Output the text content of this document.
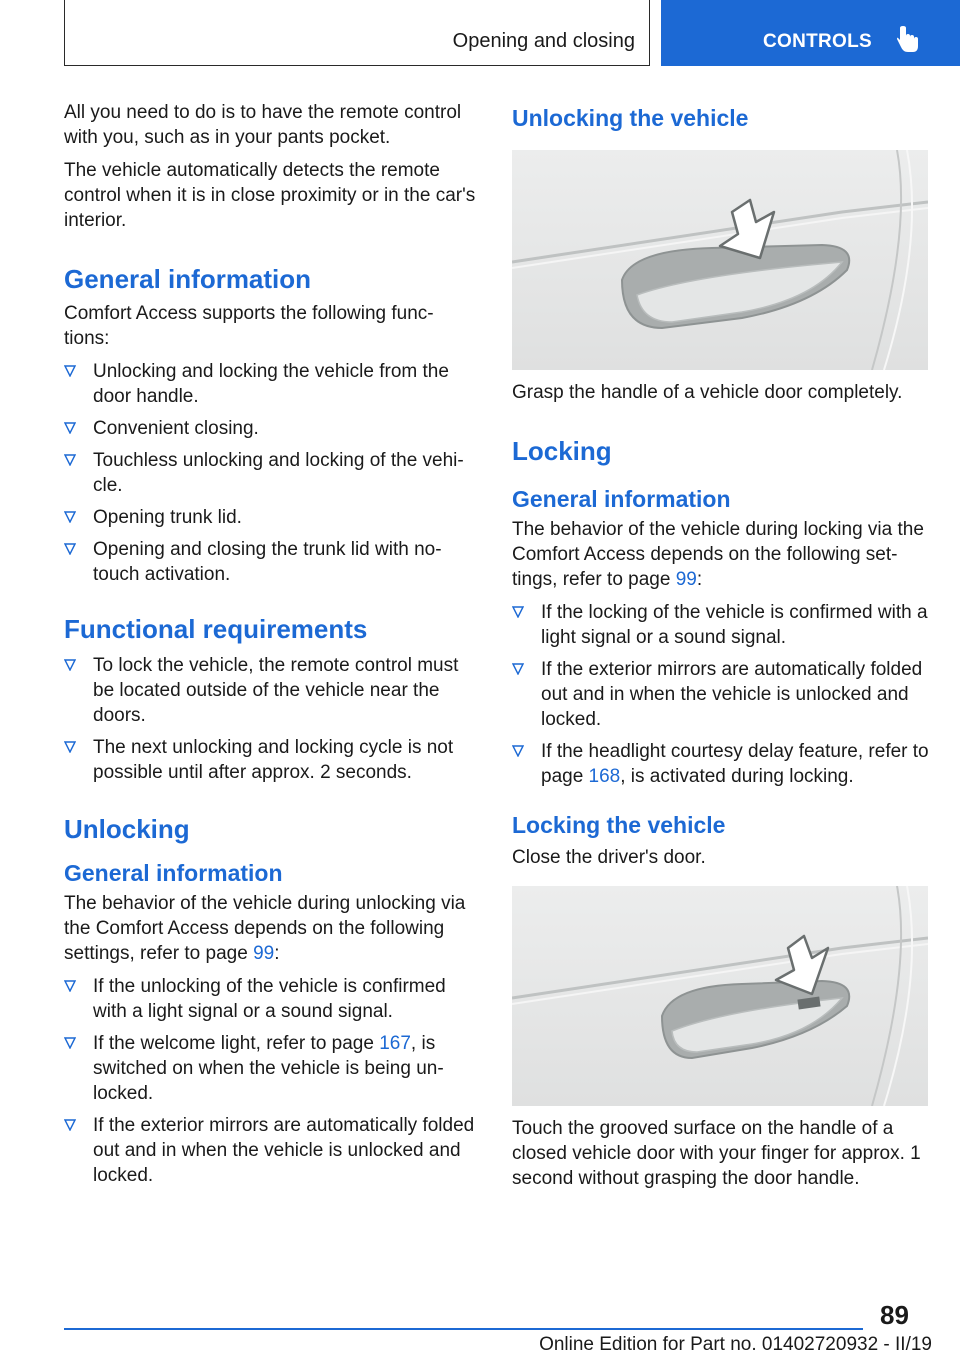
Opening and closing	CONTROLS

All you need to do is to have the remote control with you, such as in your pants pocket.

The vehicle automatically detects the remote control when it is in close proximity or in the car's interior.

General information

Comfort Access supports the following func‐ tions:

Unlocking and locking the vehicle from the door handle.
Convenient closing.
Touchless unlocking and locking of the vehi‐ cle.
Opening trunk lid.
Opening and closing the trunk lid with no- touch activation.
Functional requirements
To lock the vehicle, the remote control must be located outside of the vehicle near the doors.
The next unlocking and locking cycle is not possible until after approx. 2 seconds.
Unlocking
General information

The behavior of the vehicle during unlocking via the Comfort Access depends on the following settings, refer to page 99:

If the unlocking of the vehicle is confirmed with a light signal or a sound signal.
If the welcome light, refer to page 167, is switched on when the vehicle is being un‐ locked.
If the exterior mirrors are automatically folded out and in when the vehicle is unlocked and locked.
Unlocking the vehicle

Grasp the handle of a vehicle door completely.

Locking
General information

The behavior of the vehicle during locking via the Comfort Access depends on the following set‐ tings, refer to page 99:

If the locking of the vehicle is confirmed with a light signal or a sound signal.
If the exterior mirrors are automatically folded out and in when the vehicle is unlocked and locked.
If the headlight courtesy delay feature, refer to page 168, is activated during locking.
Locking the vehicle

Close the driver's door.

Touch the grooved surface on the handle of a closed vehicle door with your finger for approx. 1 second without grasping the door handle.

89
Online Edition for Part no. 01402720932 - II/19
